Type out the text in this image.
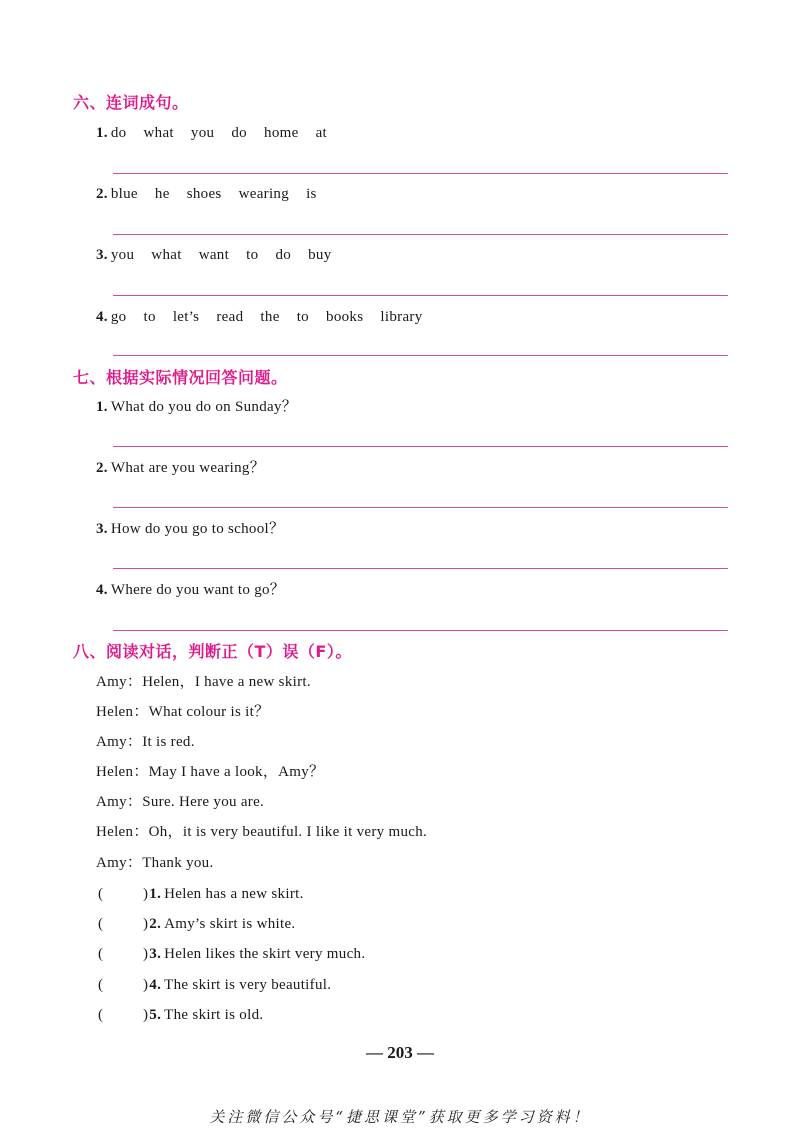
六、连词成句。
1. do what you do home at
2. blue he shoes wearing is
3. you what want to do buy
4. go to let’s read the to books library
七、根据实际情况回答问题。
1. What do you do on Sunday？
2. What are you wearing？
3. How do you go to school？
4. Where do you want to go？
八、阅读对话，判断正（T）误（F）。
Amy：Helen，I have a new skirt.
Helen：What colour is it？
Amy：It is red.
Helen：May I have a look，Amy？
Amy：Sure. Here you are.
Helen：Oh，it is very beautiful. I like it very much.
Amy：Thank you.
(	)1. Helen has a new skirt.
(	)2. Amy’s skirt is white.
(	)3. Helen likes the skirt very much.
(	)4. The skirt is very beautiful.
(	)5. The skirt is old.
— 203 —
关注微信公众号“捷思课堂”获取更多学习资料！
